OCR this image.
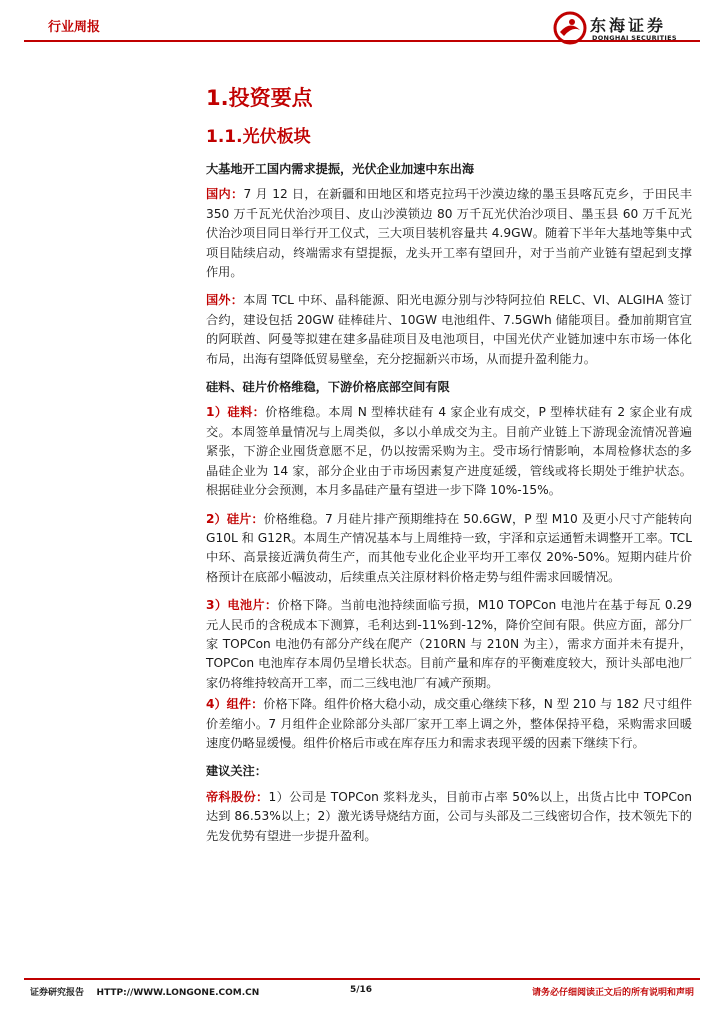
行业周报	东海证券
DONGHAI SECURITIES
1.投资要点
1.1.光伏板块

大基地开工国内需求提振，光伏企业加速中东出海

国内：7 月 12 日，在新疆和田地区和塔克拉玛干沙漠边缘的墨玉县喀瓦克乡，于田民丰 350 万千瓦光伏治沙项目、皮山沙漠锁边 80 万千瓦光伏治沙项目、墨玉县 60 万千瓦光伏治沙项目同日举行开工仪式，三大项目装机容量共 4.9GW。随着下半年大基地等集中式项目陆续启动，终端需求有望提振，龙头开工率有望回升，对于当前产业链有望起到支撑作用。

国外：本周 TCL 中环、晶科能源、阳光电源分别与沙特阿拉伯 RELC、VI、ALGIHA 签订合约，建设包括 20GW 硅棒硅片、10GW 电池组件、7.5GWh 储能项目。叠加前期官宣的阿联酋、阿曼等拟建在建多晶硅项目及电池项目，中国光伏产业链加速中东市场一体化布局，出海有望降低贸易壁垒，充分挖掘新兴市场，从而提升盈利能力。

硅料、硅片价格维稳，下游价格底部空间有限

1）硅料：价格维稳。本周 N 型棒状硅有 4 家企业有成交，P 型棒状硅有 2 家企业有成交。本周签单量情况与上周类似，多以小单成交为主。目前产业链上下游现金流情况普遍紧张，下游企业囤货意愿不足，仍以按需采购为主。受市场行情影响，本周检修状态的多晶硅企业为 14 家，部分企业由于市场因素复产进度延缓，管线或将长期处于维护状态。根据硅业分会预测，本月多晶硅产量有望进一步下降 10%-15%。

2）硅片：价格维稳。7 月硅片排产预期维持在 50.6GW，P 型 M10 及更小尺寸产能转向 G10L 和 G12R。本周生产情况基本与上周维持一致，宇泽和京运通暂未调整开工率。TCL 中环、高景接近满负荷生产，而其他专业化企业平均开工率仅 20%-50%。短期内硅片价格预计在底部小幅波动，后续重点关注原材料价格走势与组件需求回暖情况。

3）电池片：价格下降。当前电池持续面临亏损，M10 TOPCon 电池片在基于每瓦 0.29 元人民币的含税成本下测算，毛利达到-11%到-12%，降价空间有限。供应方面，部分厂家 TOPCon 电池仍有部分产线在爬产（210RN 与 210N 为主），需求方面并未有提升，TOPCon 电池库存本周仍呈增长状态。目前产量和库存的平衡难度较大，预计头部电池厂家仍将维持较高开工率，而二三线电池厂有减产预期。

4）组件：价格下降。组件价格大稳小动，成交重心继续下移，N 型 210 与 182 尺寸组件价差缩小。7 月组件企业除部分头部厂家开工率上调之外，整体保持平稳，采购需求回暖速度仍略显缓慢。组件价格后市或在库存压力和需求表现平缓的因素下继续下行。

建议关注：

帝科股份：1）公司是 TOPCon 浆料龙头，目前市占率 50%以上，出货占比中 TOPCon 达到 86.53%以上；2）激光诱导烧结方面，公司与头部及二三线密切合作，技术领先下的先发优势有望进一步提升盈利。

证券研究报告    HTTP://WWW.LONGONE.COM.CN	5/16	请务必仔细阅读正文后的所有说明和声明
